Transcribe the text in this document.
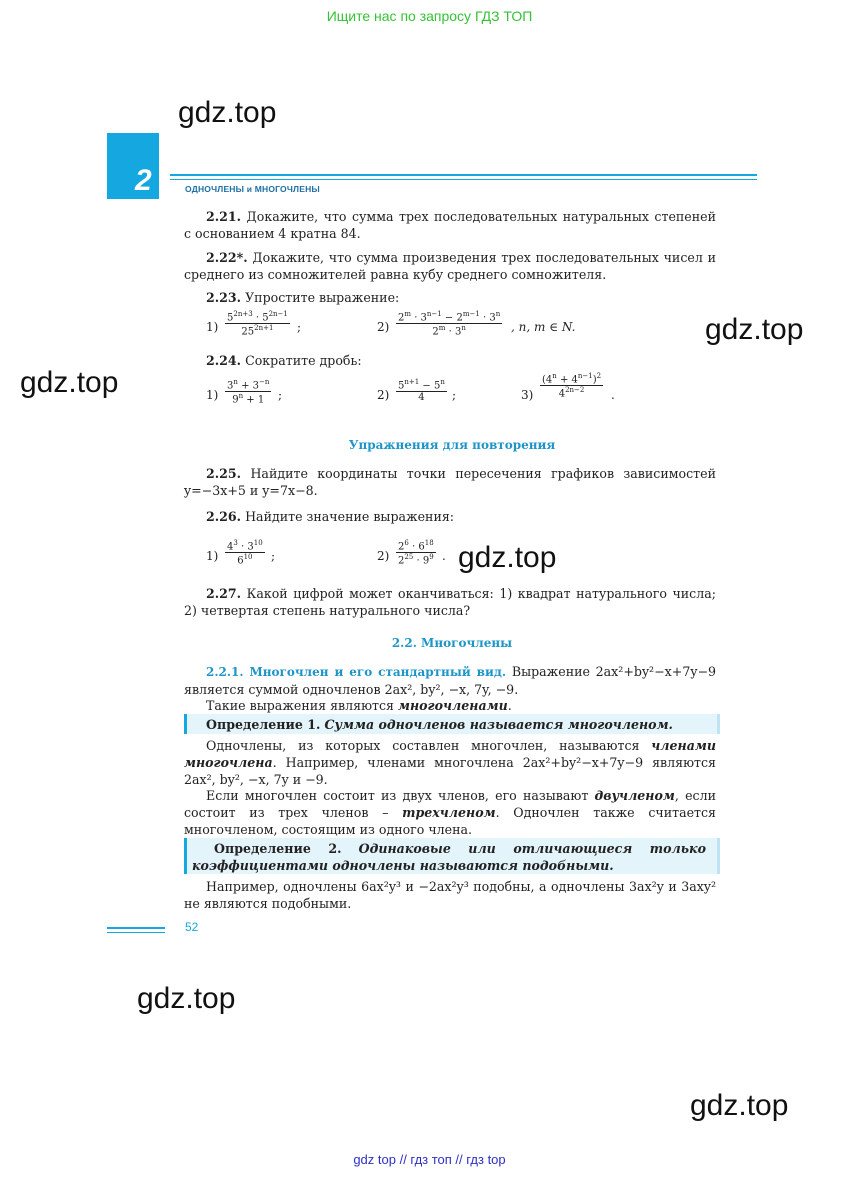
Ищите нас по запросу ГДЗ ТОП
gdz top // гдз топ // гдз top
gdz.top
gdz.top
gdz.top
gdz.top
gdz.top
gdz.top
2	ОДНОЧЛЕНЫ и МНОГОЧЛЕНЫ
2.21. Докажите, что сумма трех последовательных натуральных степеней с основанием 4 кратна 84.
2.22*. Докажите, что сумма произведения трех последовательных чисел и среднего из сомножителей равна кубу среднего сомножителя.
2.23. Упростите выражение:
$1) \frac{5^{2n+3} \cdot 5^{2n-1}}{25^{2n+1}}$ ;	$2) \frac{2^m \cdot 3^{n-1} - 2^{m-1} \cdot 3^n}{2^m \cdot 3^n}$ , n, m ∈ N.
2.24. Сократите дробь:
$1) \frac{3^n + 3^{-n}}{9^n + 1}$ ;	$2) \frac{5^{n+1} - 5^n}{4}$ ;	$3) \frac{(4^n + 4^{n-1})^2}{4^{2n-2}}$ .
Упражнения для повторения
2.25. Найдите координаты точки пересечения графиков зависимостей y=−3x+5 и y=7x−8.
2.26. Найдите значение выражения:
$1) \frac{4^3 \cdot 3^{10}}{6^{10}}$ ;	$2) \frac{2^6 \cdot 6^{18}}{2^{25} \cdot 9^9}$ .
2.27. Какой цифрой может оканчиваться: 1) квадрат натурального числа; 2) четвертая степень натурального числа?
2.2. Многочлены
2.2.1. Многочлен и его стандартный вид. Выражение 2ax²+by²−x+7y−9 является суммой одночленов 2ax², by², −x, 7y, −9.
Такие выражения являются многочленами.
Определение 1. Сумма одночленов называется многочленом.
Одночлены, из которых составлен многочлен, называются членами многочлена. Например, членами многочлена 2ax²+by²−x+7y−9 являются 2ax², by², −x, 7y и −9.
Если многочлен состоит из двух членов, его называют двучленом, если состоит из трех членов – трехчленом. Одночлен также считается многочленом, состоящим из одного члена.
Определение 2. Одинаковые или отличающиеся только коэффициентами одночлены называются подобными.
Например, одночлены 6ax²y³ и −2ax²y³ подобны, а одночлены 3ax²y и 3axy² не являются подобными.
52
